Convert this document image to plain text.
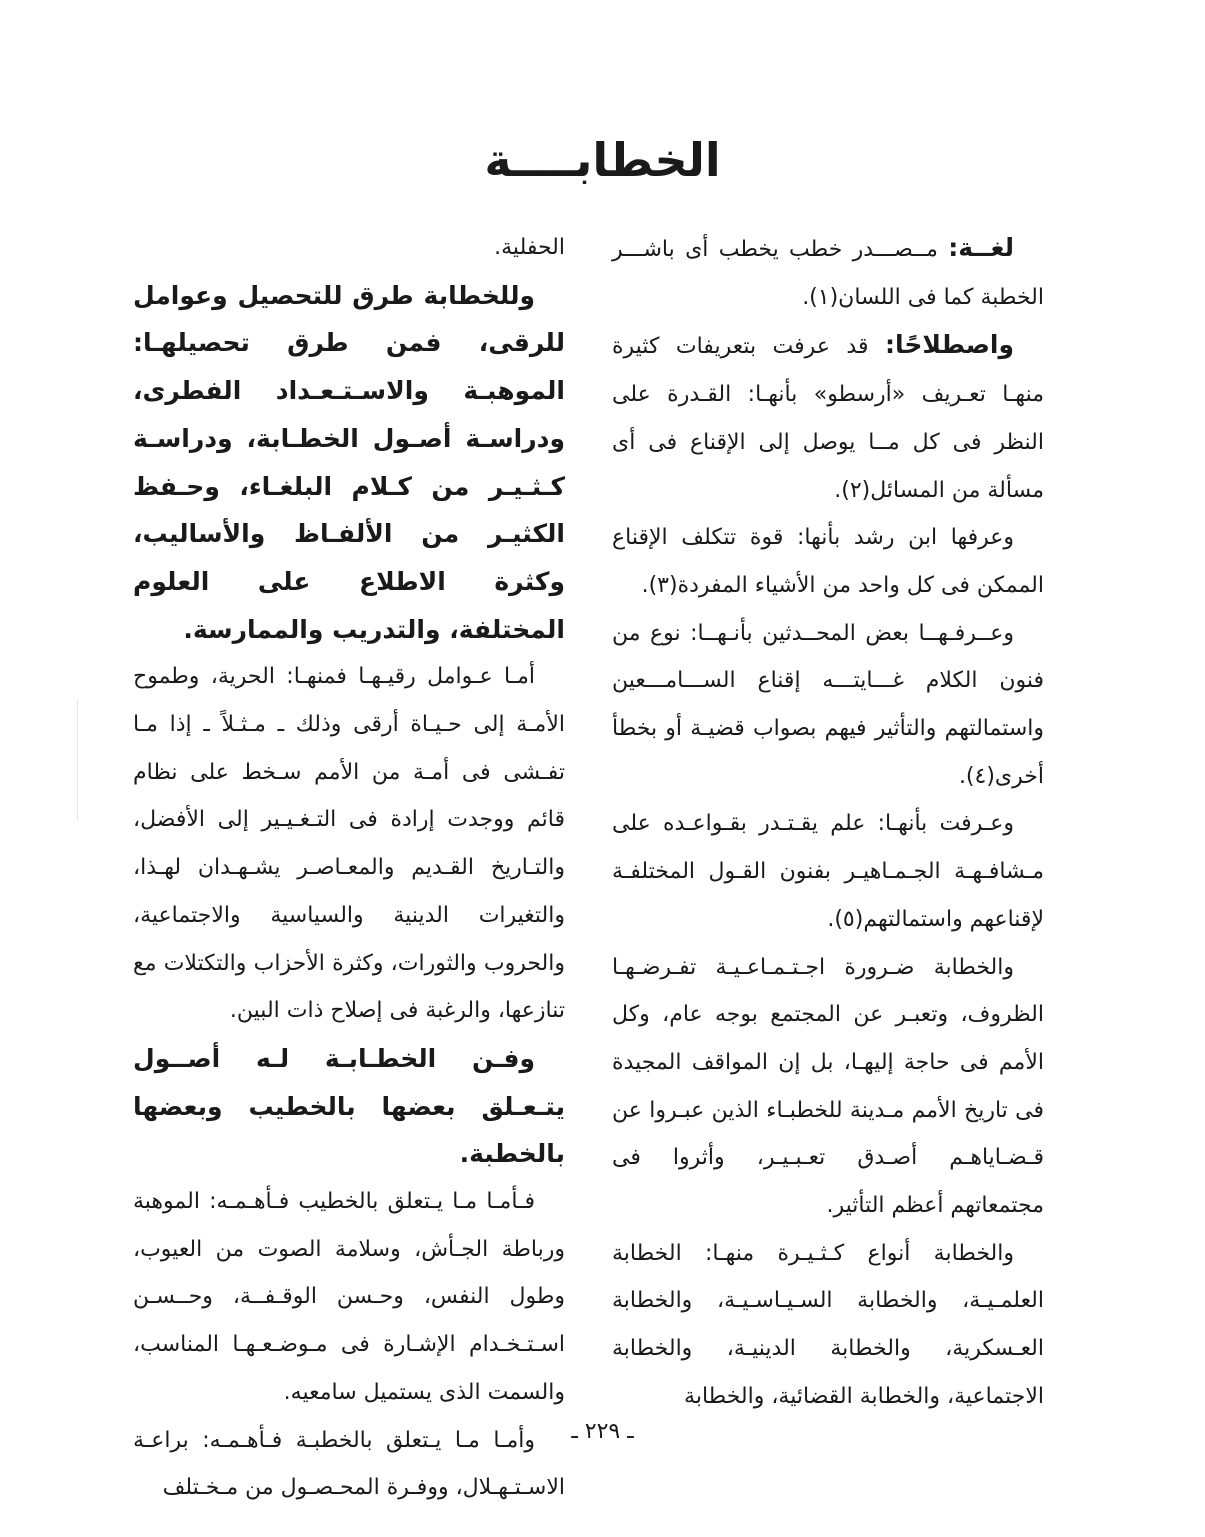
الخطابــــة

لغــة: مــصـــدر خطب يخطب أى باشـــر الخطبة كما فى اللسان(١).

واصطلاحًا: قد عرفت بتعريفات كثيرة منهـا تعـريف «أرسطو» بأنهـا: القـدرة على النظر فى كل مــا يوصل إلى الإقناع فى أى مسألة من المسائل(٢).

وعرفها ابن رشد بأنها: قوة تتكلف الإقناع الممكن فى كل واحد من الأشياء المفردة(٣).

وعــرفـهــا بعض المحــدثين بأنـهــا: نوع من فنون الكلام غـــايتـــه إقناع الســـامـــعين واستمالتهم والتأثير فيهم بصواب قضيـة أو بخطأ أخرى(٤).

وعـرفت بأنهـا: علم يقـتـدر بقـواعـده على مـشافـهـة الجـمـاهيـر بفنون القـول المختلفـة لإقناعهم واستمالتهم(٥).

والخطابة ضـرورة اجـتـمـاعـيـة تفـرضـهـا الظروف، وتعبـر عن المجتمع بوجه عام، وكل الأمم فى حاجة إليهـا، بل إن المواقف المجيدة فى تاريخ الأمم مـدينة للخطبـاء الذين عبـروا عن قـضـاياهـم أصـدق تعـبـيـر، وأثروا فى مجتمعاتهم أعظم التأثير.

والخطابة أنواع كـثـيـرة منهـا: الخطابة العلمـيـة، والخطابة السـيـاسـيـة، والخطابة العـسكرية، والخطابة الدينيـة، والخطابة الاجتماعية، والخطابة القضائية، والخطابة

الحفلية.

وللخطابة طرق للتحصيل وعوامل للرقى، فمن طرق تحصيلهـا: الموهبـة والاسـتـعـداد الفطرى، ودراسـة أصـول الخطـابة، ودراسـة كـثـيـر من كـلام البلغـاء، وحـفظ الكثيـر من الألفـاظ والأساليب، وكثرة الاطلاع على العلوم المختلفة، والتدريب والممارسة.

أمـا عـوامل رقيـهـا فمنهـا: الحرية، وطموح الأمـة إلى حـيـاة أرقى وذلك ـ مـثـلاً ـ إذا مـا تفـشى فى أمـة من الأمم سـخط على نظام قائم ووجدت إرادة فى التـغـيـير إلى الأفضل، والتـاريخ القـديم والمعـاصـر يشـهـدان لهـذا، والتغيرات الدينية والسياسية والاجتماعية، والحروب والثورات، وكثرة الأحزاب والتكتلات مع تنازعها، والرغبة فى إصلاح ذات البين.

وفـن الخطـابـة لـه أصــول يتـعـلق بعضها بالخطيب وبعضها بالخطبة.

فـأمـا مـا يـتعلق بالخطيب فـأهـمـه: الموهبة ورباطة الجـأش، وسلامة الصوت من العيوب، وطول النفس، وحـسن الوقـفــة، وحــسـن اسـتـخـدام الإشـارة فى مـوضـعـهـا المناسب، والسمت الذى يستميل سامعيه.

وأمـا مـا يـتعلق بالخطبـة فـأهـمـه: براعـة الاسـتـهـلال، ووفـرة المحـصـول من مـخـتلف

ـ ٢٢٩ ـ
